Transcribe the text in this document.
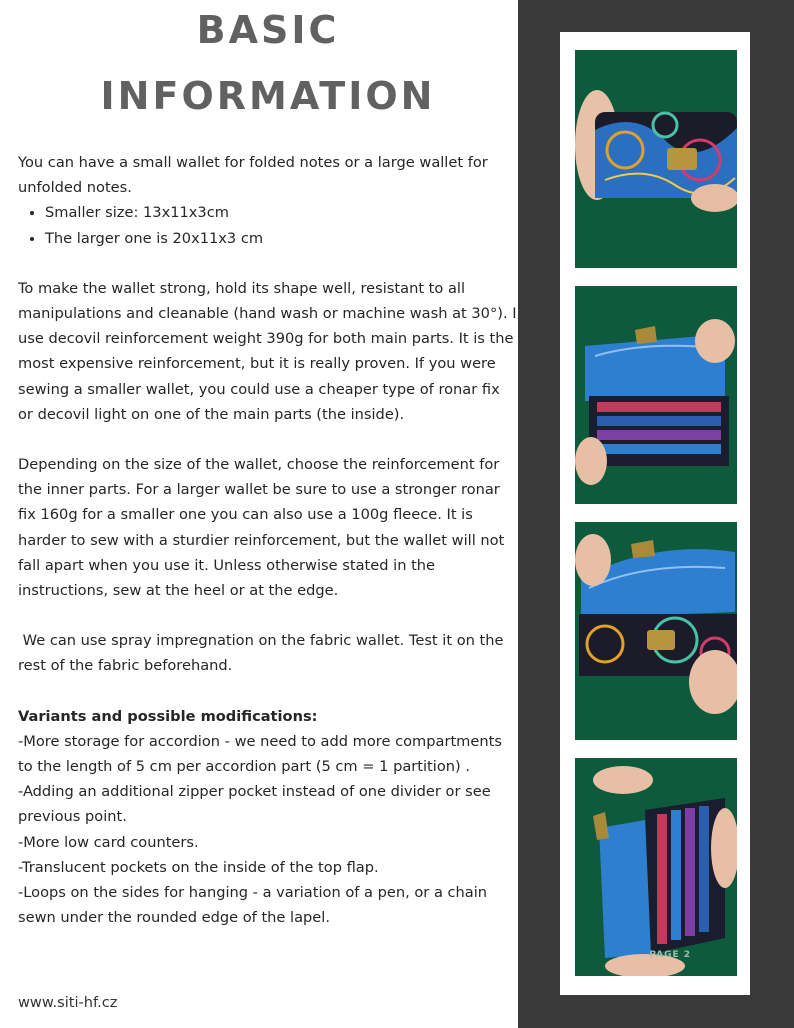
BASIC
INFORMATION

You can have a small wallet for folded notes or a large wallet for unfolded notes.

• Smaller size: 13x11x3cm
• The larger one is 20x11x3 cm

To make the wallet strong, hold its shape well, resistant to all manipulations and cleanable (hand wash or machine wash at 30°). I use decovil reinforcement weight 390g for both main parts. It is the most expensive reinforcement, but it is really proven. If you were sewing a smaller wallet, you could use a cheaper type of ronar fix or decovil light on one of the main parts (the inside).

Depending on the size of the wallet, choose the reinforcement for the inner parts. For a larger wallet be sure to use a stronger ronar fix 160g for a smaller one you can also use a 100g fleece. It is harder to sew with a sturdier reinforcement, but the wallet will not fall apart when you use it. Unless otherwise stated in the instructions, sew at the heel or at the edge.

We can use spray impregnation on the fabric wallet. Test it on the rest of the fabric beforehand.

Variants and possible modifications:

-More storage for accordion - we need to add more compartments to the length of 5 cm per accordion part (5 cm = 1 partition) .

-Adding an additional zipper pocket instead of one divider or see previous point.

-More low card counters.

-Translucent pockets on the inside of the top flap.

-Loops on the sides for hanging - a variation of a pen, or a chain sewn under the rounded edge of the lapel.

www.siti-hf.cz
PAGE 2
